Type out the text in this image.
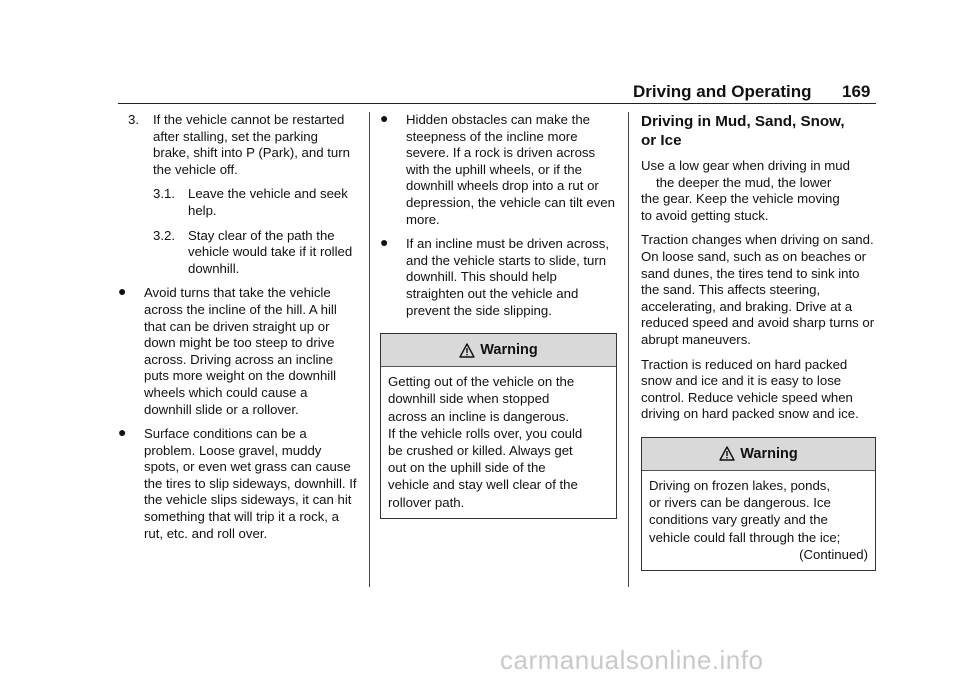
Driving and Operating 169
3. If the vehicle cannot be restarted after stalling, set the parking brake, shift into P (Park), and turn the vehicle off.
3.1. Leave the vehicle and seek help.
3.2. Stay clear of the path the vehicle would take if it rolled downhill.
● Avoid turns that take the vehicle across the incline of the hill. A hill that can be driven straight up or down might be too steep to drive across. Driving across an incline puts more weight on the downhill wheels which could cause a downhill slide or a rollover.
● Surface conditions can be a problem. Loose gravel, muddy spots, or even wet grass can cause the tires to slip sideways, downhill. If the vehicle slips sideways, it can hit something that will trip it a rock, a rut, etc. and roll over.
● Hidden obstacles can make the steepness of the incline more severe. If a rock is driven across with the uphill wheels, or if the downhill wheels drop into a rut or depression, the vehicle can tilt even more.
● If an incline must be driven across, and the vehicle starts to slide, turn downhill. This should help straighten out the vehicle and prevent the side slipping.
Warning
Getting out of the vehicle on the
downhill side when stopped
across an incline is dangerous.
If the vehicle rolls over, you could
be crushed or killed. Always get
out on the uphill side of the
vehicle and stay well clear of the
rollover path.
Driving in Mud, Sand, Snow,
or Ice
Use a low gear when driving in mud
the deeper the mud, the lower
the gear. Keep the vehicle moving
to avoid getting stuck.
Traction changes when driving on sand. On loose sand, such as on beaches or sand dunes, the tires tend to sink into the sand. This affects steering, accelerating, and braking. Drive at a reduced speed and avoid sharp turns or abrupt maneuvers.
Traction is reduced on hard packed snow and ice and it is easy to lose control. Reduce vehicle speed when driving on hard packed snow and ice.
Warning
Driving on frozen lakes, ponds,
or rivers can be dangerous. Ice
conditions vary greatly and the
vehicle could fall through the ice;
(Continued)
carmanualsonline.info
